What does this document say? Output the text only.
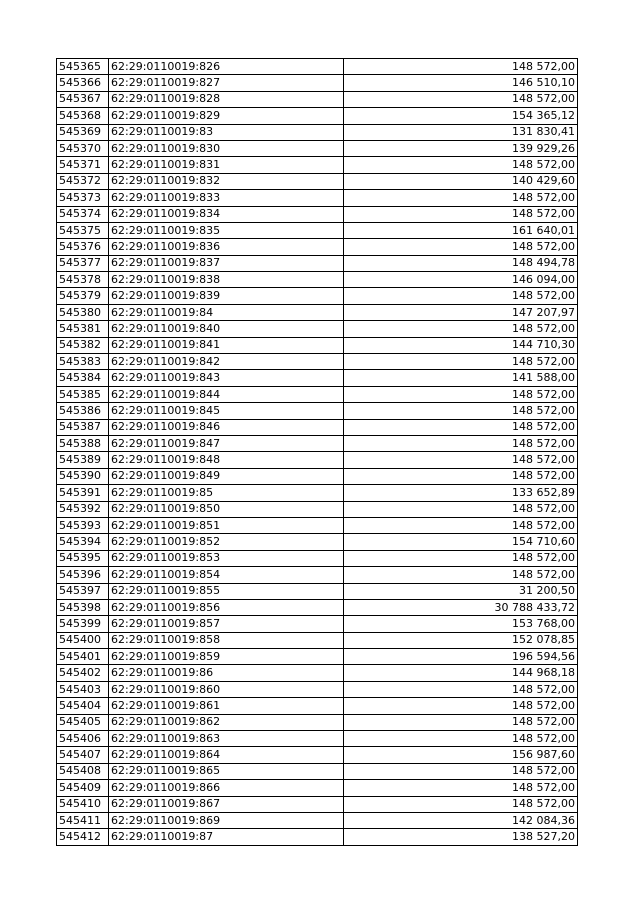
545365	62:29:0110019:826	148 572,00
545366	62:29:0110019:827	146 510,10
545367	62:29:0110019:828	148 572,00
545368	62:29:0110019:829	154 365,12
545369	62:29:0110019:83	131 830,41
545370	62:29:0110019:830	139 929,26
545371	62:29:0110019:831	148 572,00
545372	62:29:0110019:832	140 429,60
545373	62:29:0110019:833	148 572,00
545374	62:29:0110019:834	148 572,00
545375	62:29:0110019:835	161 640,01
545376	62:29:0110019:836	148 572,00
545377	62:29:0110019:837	148 494,78
545378	62:29:0110019:838	146 094,00
545379	62:29:0110019:839	148 572,00
545380	62:29:0110019:84	147 207,97
545381	62:29:0110019:840	148 572,00
545382	62:29:0110019:841	144 710,30
545383	62:29:0110019:842	148 572,00
545384	62:29:0110019:843	141 588,00
545385	62:29:0110019:844	148 572,00
545386	62:29:0110019:845	148 572,00
545387	62:29:0110019:846	148 572,00
545388	62:29:0110019:847	148 572,00
545389	62:29:0110019:848	148 572,00
545390	62:29:0110019:849	148 572,00
545391	62:29:0110019:85	133 652,89
545392	62:29:0110019:850	148 572,00
545393	62:29:0110019:851	148 572,00
545394	62:29:0110019:852	154 710,60
545395	62:29:0110019:853	148 572,00
545396	62:29:0110019:854	148 572,00
545397	62:29:0110019:855	31 200,50
545398	62:29:0110019:856	30 788 433,72
545399	62:29:0110019:857	153 768,00
545400	62:29:0110019:858	152 078,85
545401	62:29:0110019:859	196 594,56
545402	62:29:0110019:86	144 968,18
545403	62:29:0110019:860	148 572,00
545404	62:29:0110019:861	148 572,00
545405	62:29:0110019:862	148 572,00
545406	62:29:0110019:863	148 572,00
545407	62:29:0110019:864	156 987,60
545408	62:29:0110019:865	148 572,00
545409	62:29:0110019:866	148 572,00
545410	62:29:0110019:867	148 572,00
545411	62:29:0110019:869	142 084,36
545412	62:29:0110019:87	138 527,20
